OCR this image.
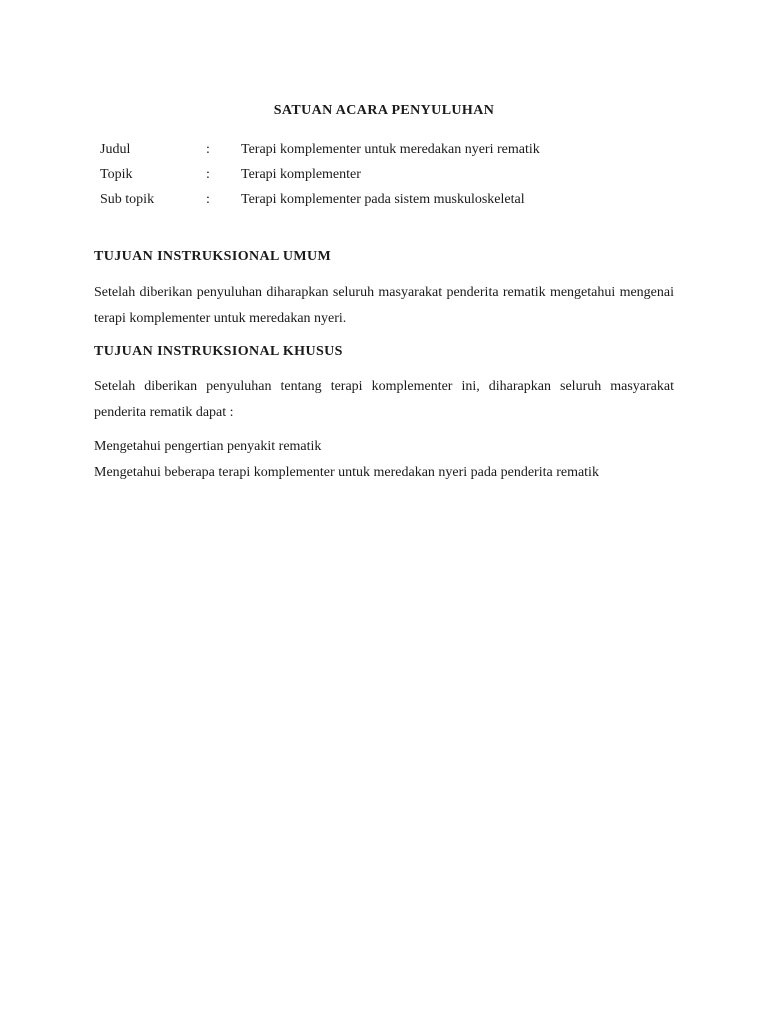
SATUAN ACARA PENYULUHAN
Judul	:	Terapi komplementer untuk meredakan nyeri rematik
Topik	:	Terapi komplementer
Sub topik	:	Terapi komplementer pada sistem muskuloskeletal
TUJUAN INSTRUKSIONAL UMUM
Setelah diberikan penyuluhan diharapkan seluruh masyarakat penderita rematik mengetahui mengenai terapi komplementer untuk meredakan nyeri.
TUJUAN INSTRUKSIONAL KHUSUS
Setelah diberikan penyuluhan tentang terapi komplementer ini, diharapkan seluruh masyarakat penderita rematik dapat :
Mengetahui pengertian penyakit rematik
Mengetahui beberapa terapi komplementer untuk meredakan nyeri pada penderita rematik
